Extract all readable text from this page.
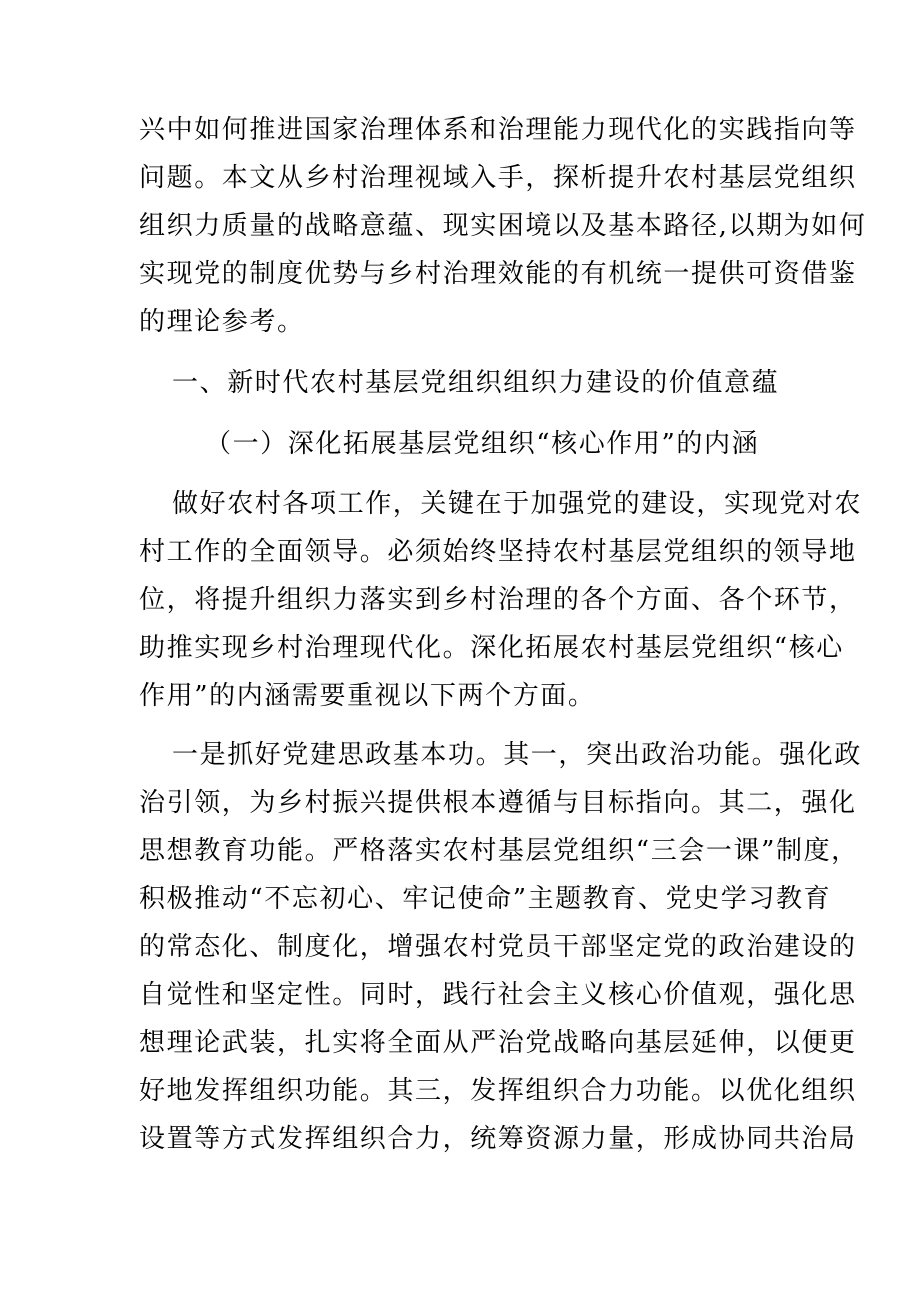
兴中如何推进国家治理体系和治理能力现代化的实践指向等
问题。本文从乡村治理视域入手，探析提升农村基层党组织
组织力质量的战略意蕴、现实困境以及基本路径,以期为如何
实现党的制度优势与乡村治理效能的有机统一提供可资借鉴
的理论参考。
一、新时代农村基层党组织组织力建设的价值意蕴
（一）深化拓展基层党组织“核心作用”的内涵
做好农村各项工作，关键在于加强党的建设，实现党对农
村工作的全面领导。必须始终坚持农村基层党组织的领导地
位，将提升组织力落实到乡村治理的各个方面、各个环节，
助推实现乡村治理现代化。深化拓展农村基层党组织“核心
作用”的内涵需要重视以下两个方面。
一是抓好党建思政基本功。其一，突出政治功能。强化政
治引领，为乡村振兴提供根本遵循与目标指向。其二，强化
思想教育功能。严格落实农村基层党组织“三会一课”制度，
积极推动“不忘初心、牢记使命”主题教育、党史学习教育
的常态化、制度化，增强农村党员干部坚定党的政治建设的
自觉性和坚定性。同时，践行社会主义核心价值观，强化思
想理论武装，扎实将全面从严治党战略向基层延伸，以便更
好地发挥组织功能。其三，发挥组织合力功能。以优化组织
设置等方式发挥组织合力，统筹资源力量，形成协同共治局
